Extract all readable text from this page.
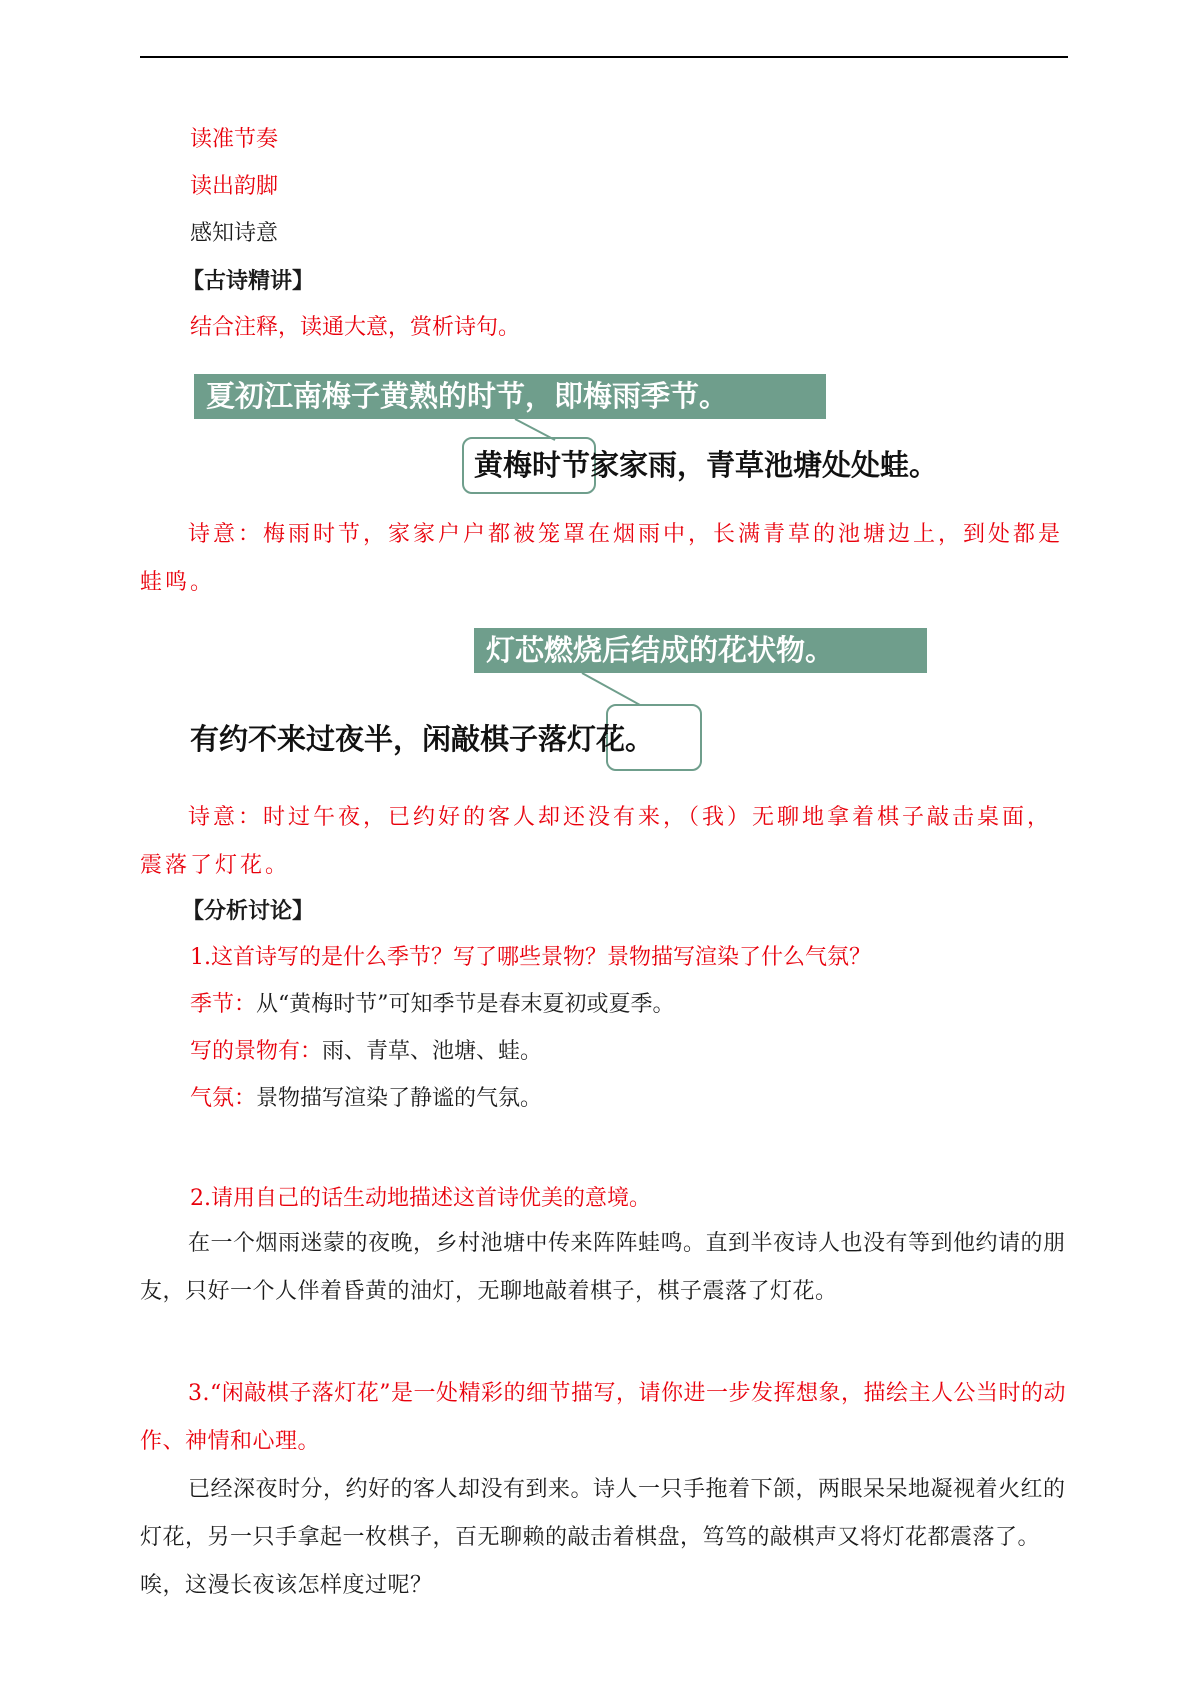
读准节奏
读出韵脚
感知诗意
【古诗精讲】
结合注释，读通大意，赏析诗句。
夏初江南梅子黄熟的时节，即梅雨季节。
黄梅时节家家雨，青草池塘处处蛙。
诗意：梅雨时节，家家户户都被笼罩在烟雨中，长满青草的池塘边上，到处都是蛙鸣。
灯芯燃烧后结成的花状物。
有约不来过夜半，闲敲棋子落灯花。
诗意：时过午夜，已约好的客人却还没有来，（我）无聊地拿着棋子敲击桌面，震落了灯花。
【分析讨论】
1.这首诗写的是什么季节？写了哪些景物？景物描写渲染了什么气氛？
季节：从“黄梅时节”可知季节是春末夏初或夏季。
写的景物有：雨、青草、池塘、蛙。
气氛：景物描写渲染了静谧的气氛。
2.请用自己的话生动地描述这首诗优美的意境。
在一个烟雨迷蒙的夜晚，乡村池塘中传来阵阵蛙鸣。直到半夜诗人也没有等到他约请的朋友，只好一个人伴着昏黄的油灯，无聊地敲着棋子，棋子震落了灯花。
3.“闲敲棋子落灯花”是一处精彩的细节描写，请你进一步发挥想象，描绘主人公当时的动作、神情和心理。
已经深夜时分，约好的客人却没有到来。诗人一只手拖着下颌，两眼呆呆地凝视着火红的灯花，另一只手拿起一枚棋子，百无聊赖的敲击着棋盘，笃笃的敲棋声又将灯花都震落了。唉，这漫长夜该怎样度过呢？
